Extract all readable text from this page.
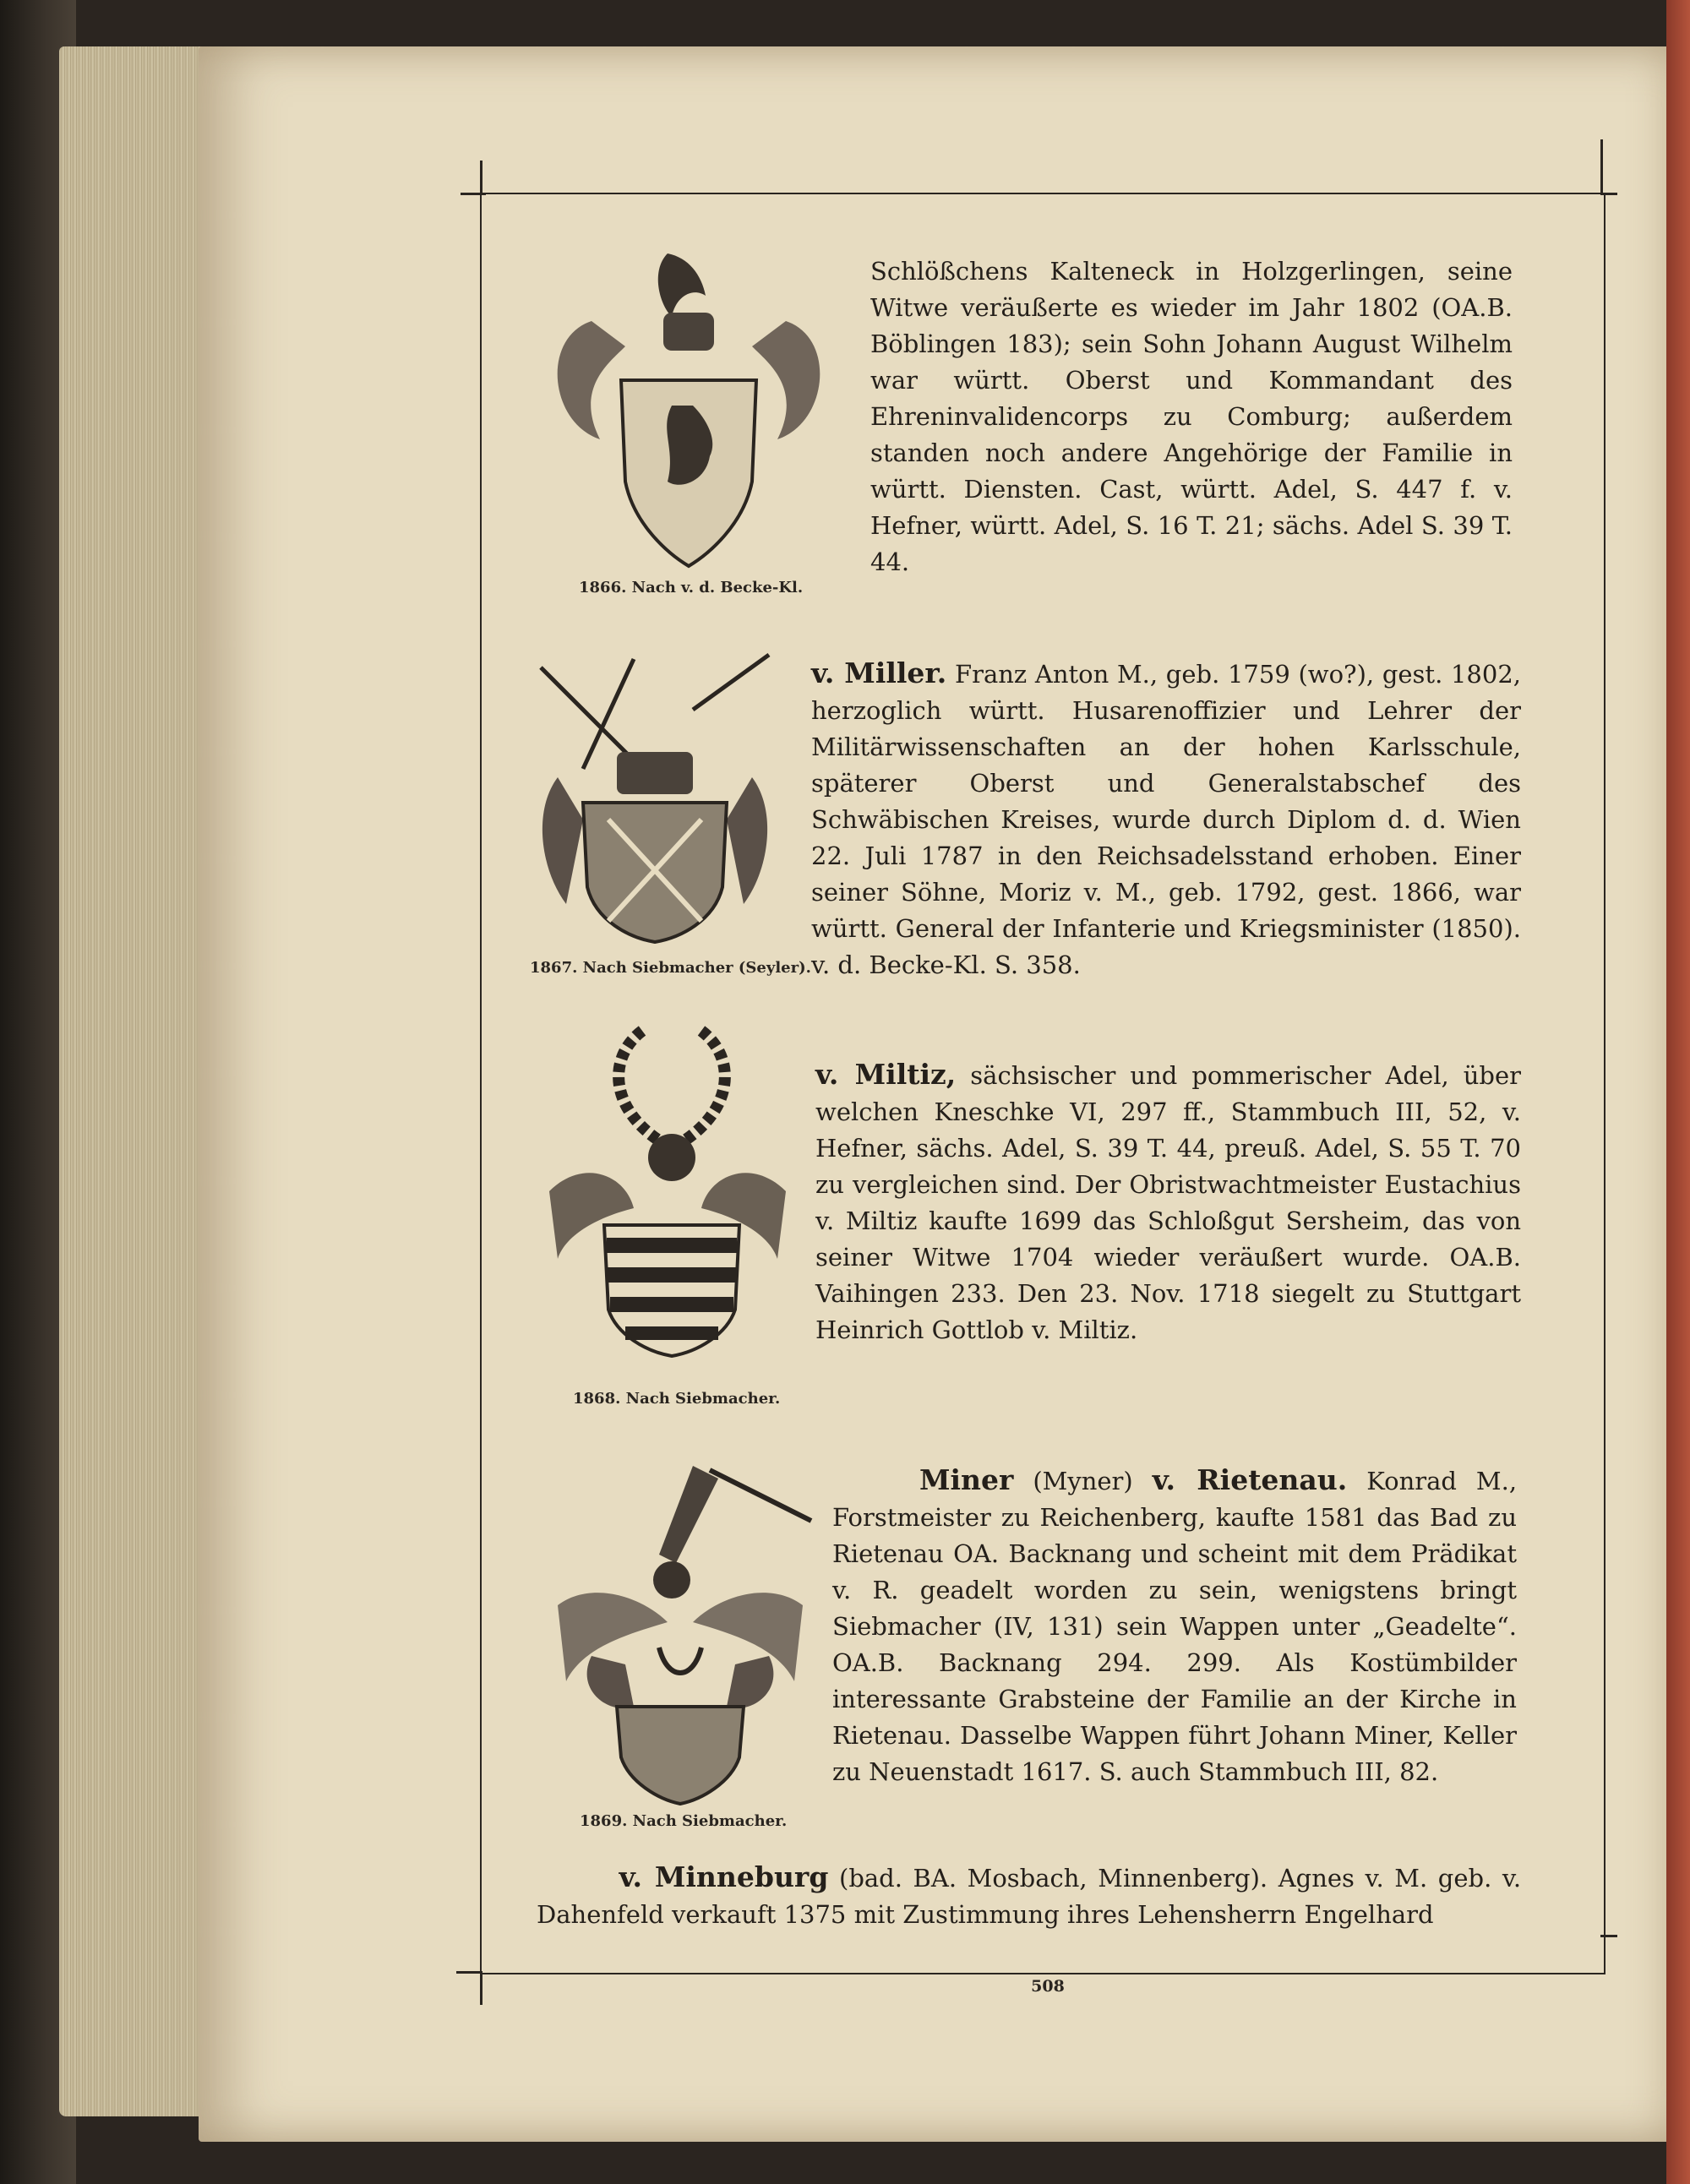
1866. Nach v. d. Becke-Kl.
Schlößchens Kalteneck in Holzgerlingen, seine Witwe veräußerte es wieder im Jahr 1802 (OA.B. Böblingen 183); sein Sohn Johann August Wilhelm war württ. Oberst und Kommandant des Ehreninvalidencorps zu Comburg; außerdem standen noch andere Angehörige der Familie in württ. Diensten. Cast, württ. Adel, S. 447 f. v. Hefner, württ. Adel, S. 16 T. 21; sächs. Adel S. 39 T. 44.
1867. Nach Siebmacher (Seyler).
v. Miller. Franz Anton M., geb. 1759 (wo?), gest. 1802, herzoglich württ. Husarenoffizier und Lehrer der Militärwissenschaften an der hohen Karlsschule, späterer Oberst und Generalstabschef des Schwäbischen Kreises, wurde durch Diplom d. d. Wien 22. Juli 1787 in den Reichsadelsstand erhoben. Einer seiner Söhne, Moriz v. M., geb. 1792, gest. 1866, war württ. General der Infanterie und Kriegsminister (1850). v. d. Becke-Kl. S. 358.
1868. Nach Siebmacher.
v. Miltiz, sächsischer und pommerischer Adel, über welchen Kneschke VI, 297 ff., Stammbuch III, 52, v. Hefner, sächs. Adel, S. 39 T. 44, preuß. Adel, S. 55 T. 70 zu vergleichen sind. Der Obristwachtmeister Eustachius v. Miltiz kaufte 1699 das Schloßgut Sersheim, das von seiner Witwe 1704 wieder veräußert wurde. OA.B. Vaihingen 233. Den 23. Nov. 1718 siegelt zu Stuttgart Heinrich Gottlob v. Miltiz.
1869. Nach Siebmacher.
Miner (Myner) v. Rietenau. Konrad M., Forstmeister zu Reichenberg, kaufte 1581 das Bad zu Rietenau OA. Backnang und scheint mit dem Prädikat v. R. geadelt worden zu sein, wenigstens bringt Siebmacher (IV, 131) sein Wappen unter „Geadelte“. OA.B. Backnang 294. 299. Als Kostümbilder interessante Grabsteine der Familie an der Kirche in Rietenau. Dasselbe Wappen führt Johann Miner, Keller zu Neuenstadt 1617. S. auch Stammbuch III, 82.
v. Minneburg (bad. BA. Mosbach, Minnenberg). Agnes v. M. geb. v. Dahenfeld verkauft 1375 mit Zustimmung ihres Lehensherrn Engelhard
508
